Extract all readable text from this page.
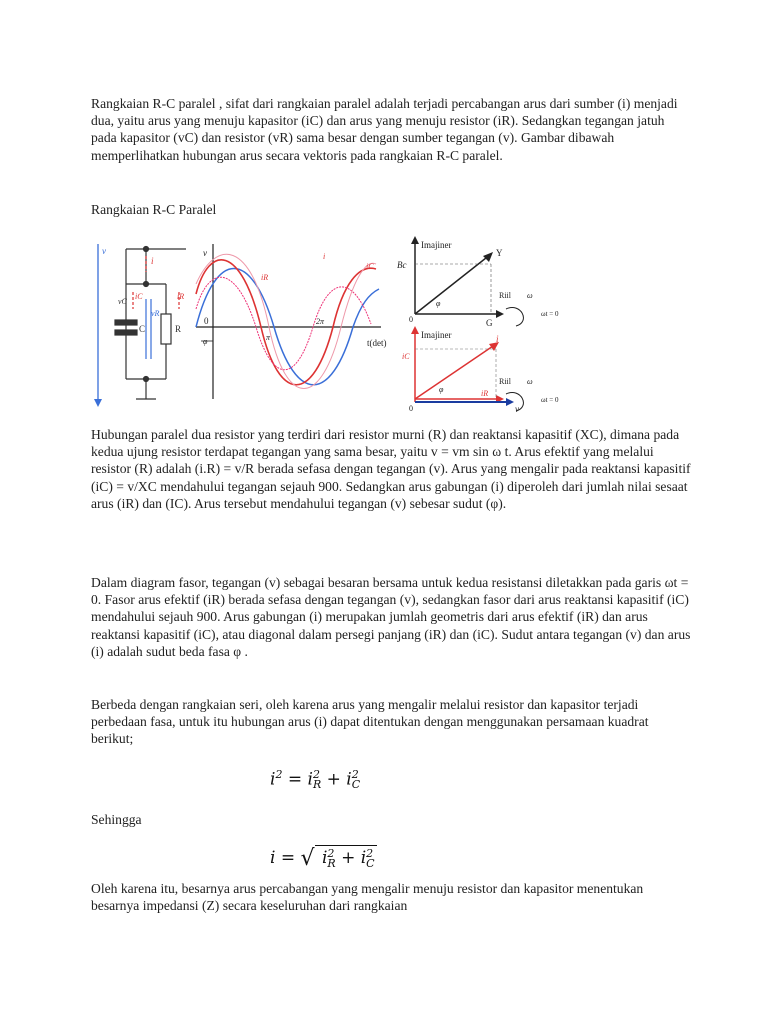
Rangkaian R-C paralel , sifat dari rangkaian paralel adalah terjadi percabangan arus dari sumber (i) menjadi dua, yaitu arus yang menuju kapasitor (iC) dan arus yang menuju resistor (iR). Sedangkan tegangan jatuh pada kapasitor (vC) dan resistor (vR) sama besar dengan sumber tegangan (v). Gambar dibawah memperlihatkan hubungan arus secara vektoris pada rangkaian R-C paralel.

Rangkaian R-C Paralel

v
i
vC
iC
C
iR
vR
R
v	i
iR
iC
0
φ	π
2π
t(det)
Imajiner
Bc
Y
G
φ
Riil ω
ωt = 0
0
Imajiner
iC
i
v
iR
φ
Riil ω
ωt = 0
0

Hubungan paralel dua resistor yang terdiri dari resistor murni (R) dan reaktansi kapasitif (XC), dimana pada kedua ujung resistor terdapat tegangan yang sama besar, yaitu v = vm sin ω t. Arus efektif yang melalui resistor (R) adalah (i.R) = v/R berada sefasa dengan tegangan (v). Arus yang mengalir pada reaktansi kapasitif (iC) = v/XC mendahului tegangan sejauh 900. Sedangkan arus gabungan (i) diperoleh dari jumlah nilai sesaat arus (iR) dan (IC). Arus tersebut mendahului tegangan (v) sebesar sudut (φ).

Dalam diagram fasor, tegangan (v) sebagai besaran bersama untuk kedua resistansi diletakkan pada garis ωt = 0. Fasor arus efektif (iR) berada sefasa dengan tegangan (v), sedangkan fasor dari arus reaktansi kapasitif (iC) mendahului sejauh 900. Arus gabungan (i) merupakan jumlah geometris dari arus efektif (iR) dan arus reaktansi kapasitif (iC), atau diagonal dalam persegi panjang (iR) dan (iC). Sudut antara tegangan (v) dan arus (i) adalah sudut beda fasa φ .

Berbeda dengan rangkaian seri, oleh karena arus yang mengalir melalui resistor dan kapasitor terjadi perbedaan fasa, untuk itu hubungan arus (i) dapat ditentukan dengan menggunakan persamaan kuadrat berikut;

$i^2 = i$ 2
R + i 2
C

Sehingga

i = √ i 2
R + i 2
C

Oleh karena itu, besarnya arus percabangan yang mengalir menuju resistor dan kapasitor menentukan besarnya impedansi (Z) secara keseluruhan dari rangkaian
